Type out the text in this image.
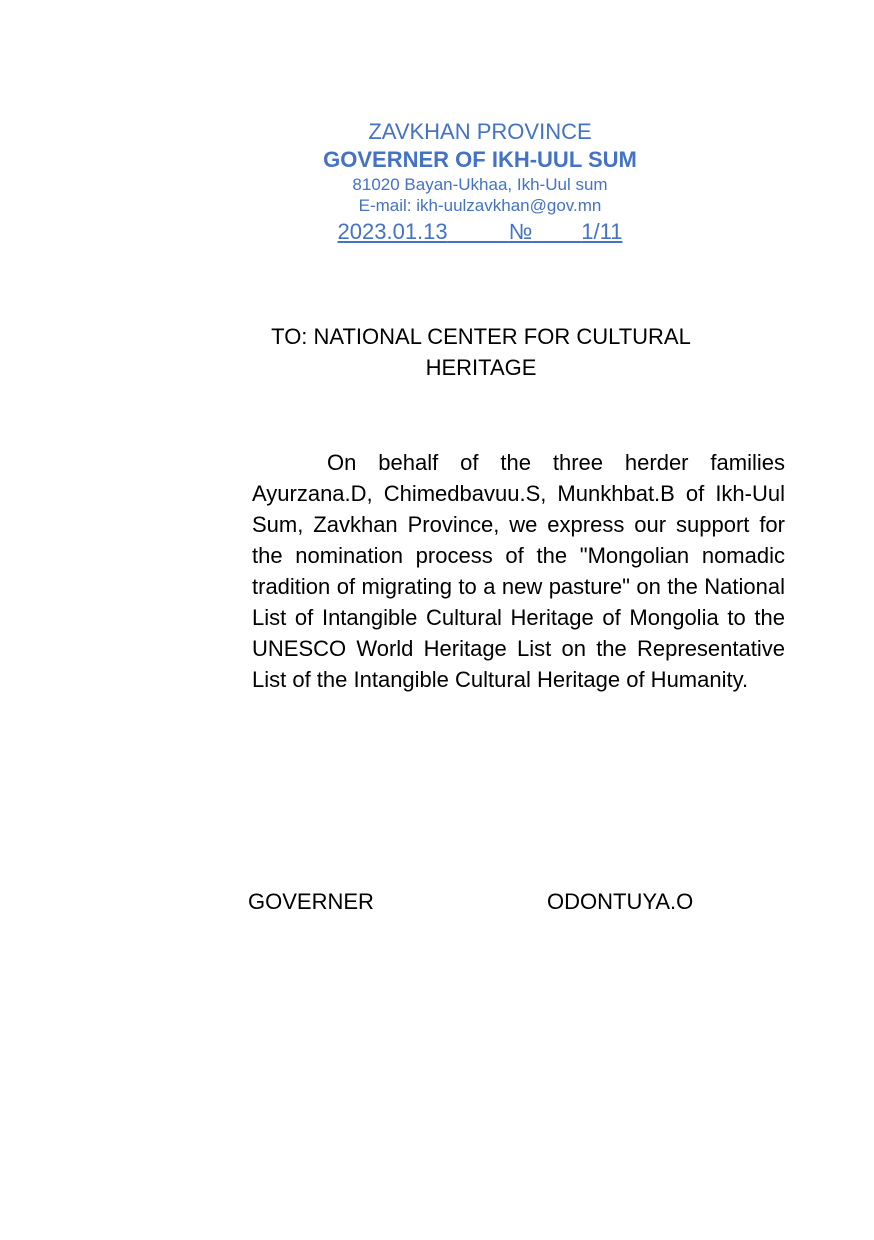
ZAVKHAN PROVINCE
GOVERNER OF IKH-UUL SUM
81020 Bayan-Ukhaa, Ikh-Uul sum
E-mail: ikh-uulzavkhan@gov.mn
2023.01.13	№ 1/11
TO: NATIONAL CENTER FOR CULTURAL
HERITAGE
On behalf of the three herder families Ayurzana.D, Chimedbavuu.S, Munkhbat.B of Ikh-Uul Sum, Zavkhan Province, we express our support for the nomination process of the "Mongolian nomadic tradition of migrating to a new pasture" on the National List of Intangible Cultural Heritage of Mongolia to the UNESCO World Heritage List on the Representative List of the Intangible Cultural Heritage of Humanity.
GOVERNER	ODONTUYA.O
